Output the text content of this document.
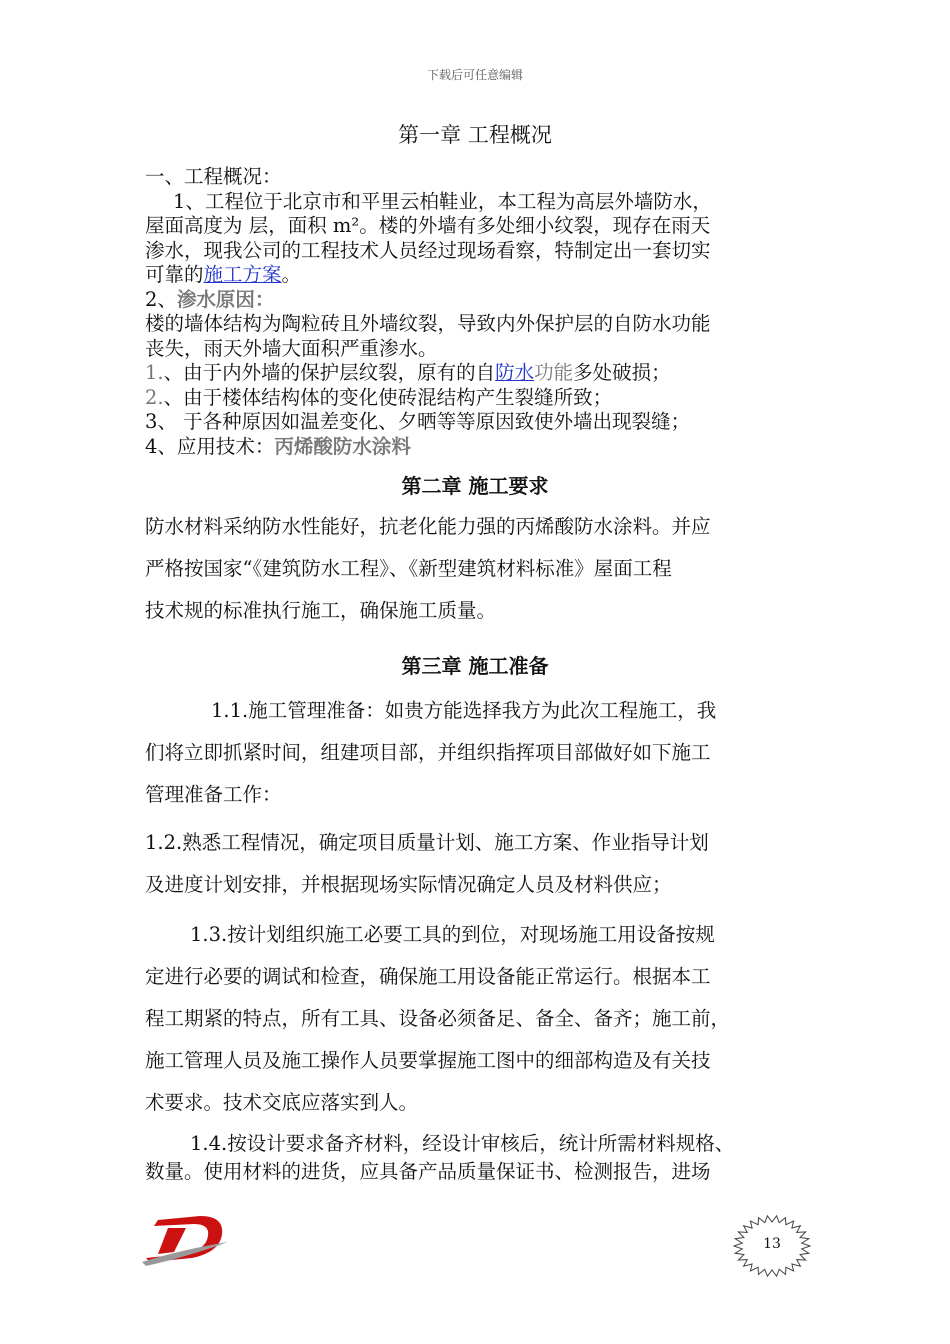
下载后可任意编辑
第一章 工程概况

一、工程概况：

1、工程位于北京市和平里云柏鞋业，本工程为高层外墙防水，

屋面高度为 层，面积 m²。楼的外墙有多处细小纹裂，现存在雨天

渗水，现我公司的工程技术人员经过现场看察，特制定出一套切实

可靠的施工方案。

2、渗水原因：

楼的墙体结构为陶粒砖且外墙纹裂，导致内外保护层的自防水功能

丧失，雨天外墙大面积严重渗水。

1.、由于内外墙的保护层纹裂，原有的自防水功能多处破损；

2.、由于楼体结构体的变化使砖混结构产生裂缝所致；

3、 于各种原因如温差变化、夕晒等等原因致使外墙出现裂缝；

4、应用技术：丙烯酸防水涂料

第二章 施工要求

防水材料采纳防水性能好，抗老化能力强的丙烯酸防水涂料。并应

严格按国家“《建筑防水工程》、《新型建筑材料标准》屋面工程

技术规的标准执行施工，确保施工质量。

第三章 施工准备

1.1.施工管理准备：如贵方能选择我方为此次工程施工，我

们将立即抓紧时间，组建项目部，并组织指挥项目部做好如下施工

管理准备工作：

1.2.熟悉工程情况，确定项目质量计划、施工方案、作业指导计划

及进度计划安排，并根据现场实际情况确定人员及材料供应；

1.3.按计划组织施工必要工具的到位，对现场施工用设备按规

定进行必要的调试和检查，确保施工用设备能正常运行。根据本工

程工期紧的特点，所有工具、设备必须备足、备全、备齐；施工前，

施工管理人员及施工操作人员要掌握施工图中的细部构造及有关技

术要求。技术交底应落实到人。

1.4.按设计要求备齐材料，经设计审核后，统计所需材料规格、

数量。使用材料的进货，应具备产品质量保证书、检测报告，进场

13
